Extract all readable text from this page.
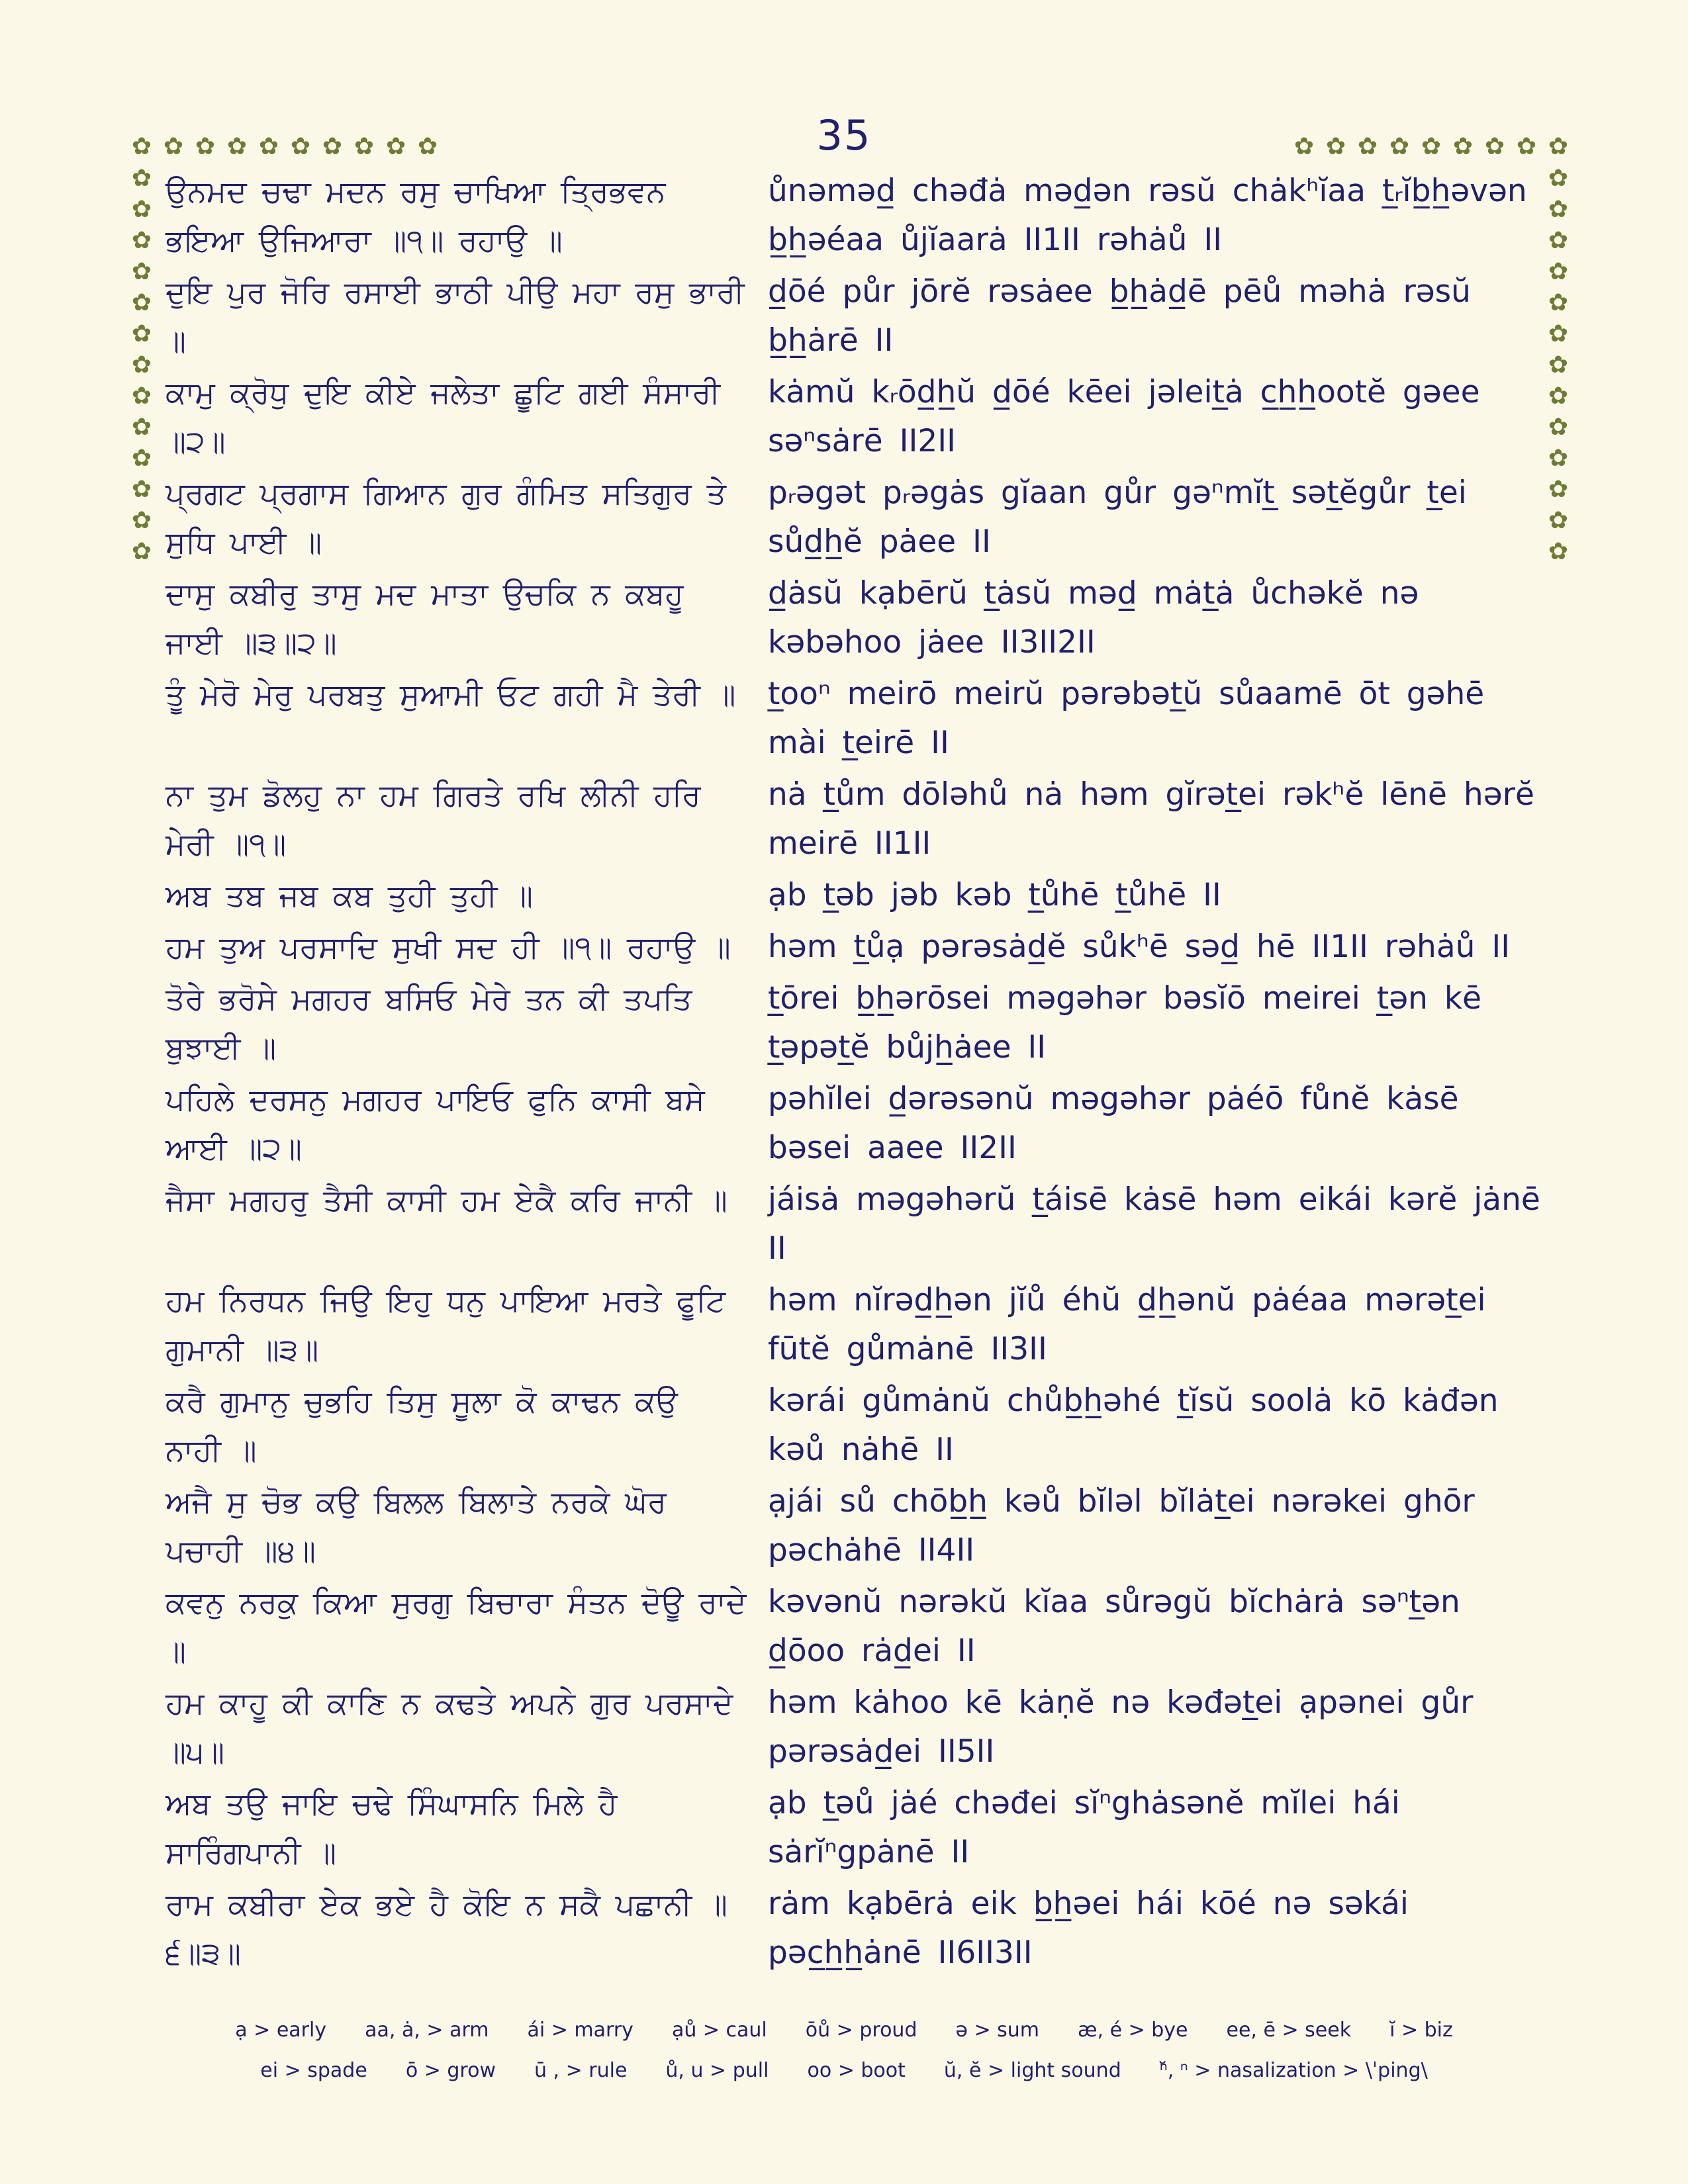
35
✿ ✿ ✿ ✿ ✿ ✿ ✿ ✿ ✿ ✿	✿ ✿ ✿ ✿ ✿ ✿ ✿ ✿ ✿
✿
✿
✿
✿
✿
✿
✿
✿
✿
✿
✿
✿
✿
✿
✿
✿
✿
✿
✿
✿
✿
✿
✿
✿
✿
✿
ਉਨਮਦ ਚਢਾ ਮਦਨ ਰਸੁ ਚਾਖਿਆ ਤ੍ਰਿਭਵਨ ਭਇਆ ਉਜਿਆਰਾ ॥੧॥ ਰਹਾਉ ॥
ůnəməd̲ chəđȧ məd̲ən rəsŭ chȧkʰĭaa t̲ᵣĭb̲h̲əvən b̲h̲əéaa ůjĭaarȧ II1II rəhȧů II
ਦੁਇ ਪੁਰ ਜੋਰਿ ਰਸਾਈ ਭਾਠੀ ਪੀਉ ਮਹਾ ਰਸੁ ਭਾਰੀ ॥
d̲ōé půr jōrĕ rəsȧee b̲h̲ȧd̲ē pēů məhȧ rəsŭ b̲h̲ȧrē II
ਕਾਮੁ ਕ੍ਰੋਧੁ ਦੁਇ ਕੀਏ ਜਲੇਤਾ ਛੂਟਿ ਗਈ ਸੰਸਾਰੀ ॥੨॥
kȧmŭ kᵣōd̲h̲ŭ d̲ōé kēei jəleit̲ȧ c̲h̲h̲ootĕ gəee səⁿsȧrē II2II
ਪ੍ਰਗਟ ਪ੍ਰਗਾਸ ਗਿਆਨ ਗੁਰ ਗੰਮਿਤ ਸਤਿਗੁਰ ਤੇ ਸੁਧਿ ਪਾਈ ॥
pᵣəgət pᵣəgȧs gĭaan gůr gəⁿmĭt̲ sət̲ĕgůr t̲ei sůd̲h̲ĕ pȧee II
ਦਾਸੁ ਕਬੀਰੁ ਤਾਸੁ ਮਦ ਮਾਤਾ ਉਚਕਿ ਨ ਕਬਹੂ ਜਾਈ ॥੩॥੨॥
d̲ȧsŭ kạbērŭ t̲ȧsŭ məd̲ mȧt̲ȧ ůchəkĕ nə kəbəhoo jȧee II3II2II
ਤੂੰ ਮੇਰੋ ਮੇਰੁ ਪਰਬਤੁ ਸੁਆਮੀ ਓਟ ਗਹੀ ਮੈ ਤੇਰੀ ॥	t̲ooⁿ meirō meirŭ pərəbət̲ŭ sůaamē ōt gəhē mài t̲eirē II
ਨਾ ਤੁਮ ਡੋਲਹੁ ਨਾ ਹਮ ਗਿਰਤੇ ਰਖਿ ਲੀਨੀ ਹਰਿ ਮੇਰੀ ॥੧॥
nȧ t̲ům dōləhů nȧ həm gĭrət̲ei rəkʰĕ lēnē hərĕ meirē II1II
ਅਬ ਤਬ ਜਬ ਕਬ ਤੁਹੀ ਤੁਹੀ ॥	ạb t̲əb jəb kəb t̲ůhē t̲ůhē II
ਹਮ ਤੁਅ ਪਰਸਾਦਿ ਸੁਖੀ ਸਦ ਹੀ ॥੧॥ ਰਹਾਉ ॥	həm t̲ůạ pərəsȧd̲ĕ sůkʰē səd̲ hē II1II rəhȧů II
ਤੋਰੇ ਭਰੋਸੇ ਮਗਹਰ ਬਸਿਓ ਮੇਰੇ ਤਨ ਕੀ ਤਪਤਿ ਬੁਝਾਈ ॥
t̲ōrei b̲h̲ərōsei məgəhər bəsĭō meirei t̲ən kē t̲əpət̲ĕ bůjh̲ȧee II
ਪਹਿਲੇ ਦਰਸਨੁ ਮਗਹਰ ਪਾਇਓ ਫੁਨਿ ਕਾਸੀ ਬਸੇ ਆਈ ॥੨॥
pəhĭlei d̲ərəsənŭ məgəhər pȧéō fůnĕ kȧsē bəsei aaee II2II
ਜੈਸਾ ਮਗਹਰੁ ਤੈਸੀ ਕਾਸੀ ਹਮ ਏਕੈ ਕਰਿ ਜਾਨੀ ॥	jáisȧ məgəhərŭ t̲áisē kȧsē həm eikái kərĕ jȧnē II
ਹਮ ਨਿਰਧਨ ਜਿਉ ਇਹੁ ਧਨੁ ਪਾਇਆ ਮਰਤੇ ਫੂਟਿ ਗੁਮਾਨੀ ॥੩॥
həm nĭrəd̲h̲ən jĭů éhŭ d̲h̲ənŭ pȧéaa mərət̲ei fūtĕ gůmȧnē II3II
ਕਰੈ ਗੁਮਾਨੁ ਚੁਭਹਿ ਤਿਸੁ ਸੂਲਾ ਕੋ ਕਾਢਨ ਕਉ ਨਾਹੀ ॥
kərái gůmȧnŭ chůb̲h̲əhé t̲ĭsŭ soolȧ kō kȧđən kəů nȧhē II
ਅਜੈ ਸੁ ਚੋਭ ਕਉ ਬਿਲਲ ਬਿਲਾਤੇ ਨਰਕੇ ਘੋਰ ਪਚਾਹੀ ॥੪॥
ạjái sů chōb̲h̲ kəů bĭləl bĭlȧt̲ei nərəkei ghōr pəchȧhē II4II
ਕਵਨੁ ਨਰਕੁ ਕਿਆ ਸੁਰਗੁ ਬਿਚਾਰਾ ਸੰਤਨ ਦੋਊ ਰਾਦੇ ॥
kəvənŭ nərəkŭ kĭaa sůrəgŭ bĭchȧrȧ səⁿt̲ən d̲ōoo rȧd̲ei II
ਹਮ ਕਾਹੂ ਕੀ ਕਾਣਿ ਨ ਕਢਤੇ ਅਪਨੇ ਗੁਰ ਪਰਸਾਦੇ ॥੫॥
həm kȧhoo kē kȧṇĕ nə kəđət̲ei ạpənei gůr pərəsȧd̲ei II5II
ਅਬ ਤਉ ਜਾਇ ਚਢੇ ਸਿੰਘਾਸਨਿ ਮਿਲੇ ਹੈ ਸਾਰਿੰਗਪਾਨੀ ॥
ạb t̲əů jȧé chəđei sĭⁿghȧsənĕ mĭlei hái sȧrĭⁿgpȧnē II
ਰਾਮ ਕਬੀਰਾ ਏਕ ਭਏ ਹੈ ਕੋਇ ਨ ਸਕੈ ਪਛਾਨੀ ॥੬॥੩॥
rȧm kạbērȧ eik b̲h̲əei hái kōé nə səkái pəc̲h̲h̲ȧnē II6II3II
ạ > early aa, ȧ, > arm ái > marry ạů > caul ōů > proud ə > sum æ, é > bye ee, ē > seek ĭ > biz
ei > spade ō > grow ū , > rule ů, u > pull oo > boot ŭ, ĕ > light sound ⁿ̆, ⁿ > nasalization > \ˈping\
